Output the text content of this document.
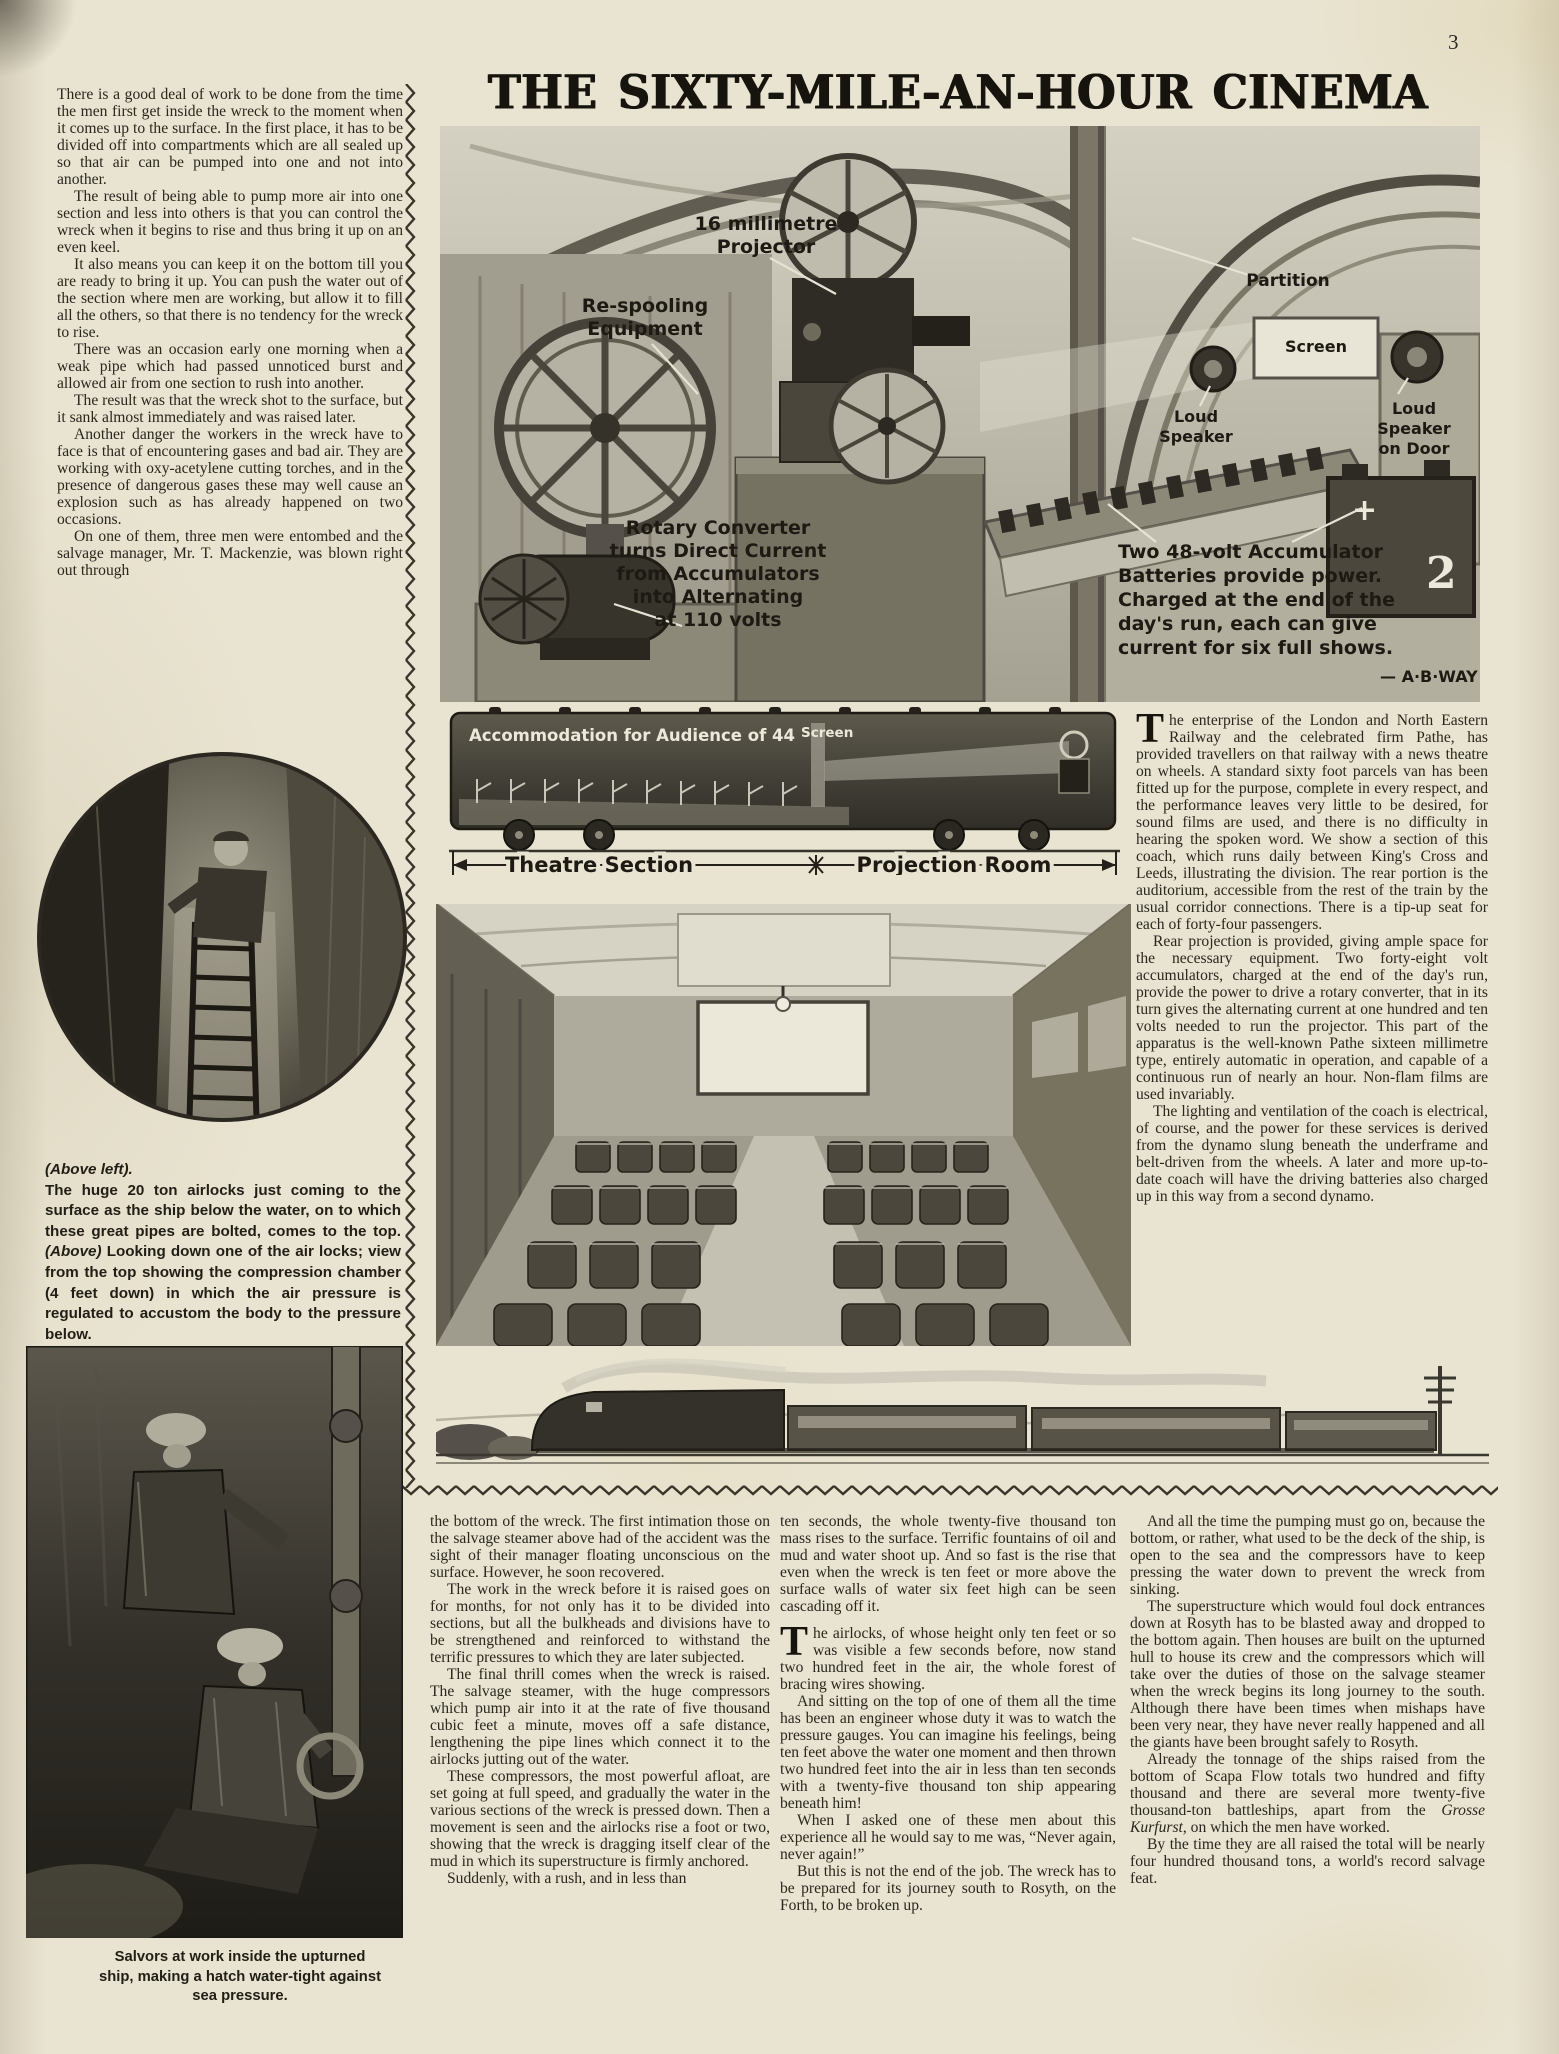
3

There is a good deal of work to be done from the time the men first get inside the wreck to the moment when it comes up to the surface. In the first place, it has to be divided off into compartments which are all sealed up so that air can be pumped into one and not into another.

The result of being able to pump more air into one section and less into others is that you can control the wreck when it begins to rise and thus bring it up on an even keel.

It also means you can keep it on the bottom till you are ready to bring it up. You can push the water out of the section where men are working, but allow it to fill all the others, so that there is no tendency for the wreck to rise.

There was an occasion early one morning when a weak pipe which had passed unnoticed burst and allowed air from one section to rush into another.

The result was that the wreck shot to the surface, but it sank almost immediately and was raised later.

Another danger the workers in the wreck have to face is that of encountering gases and bad air. They are working with oxy-acetylene cutting torches, and in the presence of dangerous gases these may well cause an explosion such as has already happened on two occasions.

On one of them, three men were entombed and the salvage manager, Mr. T. Mackenzie, was blown right out through

THE SIXTY-MILE-AN-HOUR CINEMA
+
2
16 millimetre
Projector
Re-spooling
Equipment
Rotary Converter
turns Direct Current
from Accumulators
into Alternating
at 110 volts
Partition
Screen
Loud
Speaker
Loud
Speaker
on Door
Two 48-volt Accumulator
Batteries provide power.
Charged at the end of the
day's run, each can give
current for six full shows.
— A·B·WAY
Accommodation for Audience of 44 Screen
Theatre Section	Projection Room

The enterprise of the London and North Eastern Railway and the celebrated firm Pathe, has provided travellers on that railway with a news theatre on wheels. A standard sixty foot parcels van has been fitted up for the purpose, complete in every respect, and the performance leaves very little to be desired, for sound films are used, and there is no difficulty in hearing the spoken word. We show a section of this coach, which runs daily between King's Cross and Leeds, illustrating the division. The rear portion is the auditorium, accessible from the rest of the train by the usual corridor connections. There is a tip-up seat for each of forty-four passengers.

Rear projection is provided, giving ample space for the necessary equipment. Two forty-eight volt accumulators, charged at the end of the day's run, provide the power to drive a rotary converter, that in its turn gives the alternating current at one hundred and ten volts needed to run the projector. This part of the apparatus is the well-known Pathe sixteen millimetre type, entirely automatic in operation, and capable of a continuous run of nearly an hour. Non-flam films are used invariably.

The lighting and ventilation of the coach is electrical, of course, and the power for these services is derived from the dynamo slung beneath the underframe and belt-driven from the wheels. A later and more up-to-date coach will have the driving batteries also charged up in this way from a second dynamo.

(Above left).
The huge 20 ton airlocks just coming to the surface as the ship below the water, on to which these great pipes are bolted, comes to the top. (Above) Looking down one of the air locks; view from the top showing the compression chamber (4 feet down) in which the air pressure is regulated to accustom the body to the pressure below.
Salvors at work inside the upturned ship, making a hatch water-tight against sea pressure.

the bottom of the wreck. The first intimation those on the salvage steamer above had of the accident was the sight of their manager floating unconscious on the surface. However, he soon recovered.

The work in the wreck before it is raised goes on for months, for not only has it to be divided into sections, but all the bulkheads and divisions have to be strengthened and reinforced to withstand the terrific pressures to which they are later subjected.

The final thrill comes when the wreck is raised. The salvage steamer, with the huge compressors which pump air into it at the rate of five thousand cubic feet a minute, moves off a safe distance, lengthening the pipe lines which connect it to the airlocks jutting out of the water.

These compressors, the most powerful afloat, are set going at full speed, and gradually the water in the various sections of the wreck is pressed down. Then a movement is seen and the airlocks rise a foot or two, showing that the wreck is dragging itself clear of the mud in which its superstructure is firmly anchored.

Suddenly, with a rush, and in less than

ten seconds, the whole twenty-five thousand ton mass rises to the surface. Terrific fountains of oil and mud and water shoot up. And so fast is the rise that even when the wreck is ten feet or more above the surface walls of water six feet high can be seen cascading off it.

The airlocks, of whose height only ten feet or so was visible a few seconds before, now stand two hundred feet in the air, the whole forest of bracing wires showing.

And sitting on the top of one of them all the time has been an engineer whose duty it was to watch the pressure gauges. You can imagine his feelings, being ten feet above the water one moment and then thrown two hundred feet into the air in less than ten seconds with a twenty-five thousand ton ship appearing beneath him!

When I asked one of these men about this experience all he would say to me was, “Never again, never again!”

But this is not the end of the job. The wreck has to be prepared for its journey south to Rosyth, on the Forth, to be broken up.

And all the time the pumping must go on, because the bottom, or rather, what used to be the deck of the ship, is open to the sea and the compressors have to keep pressing the water down to prevent the wreck from sinking.

The superstructure which would foul dock entrances down at Rosyth has to be blasted away and dropped to the bottom again. Then houses are built on the upturned hull to house its crew and the compressors which will take over the duties of those on the salvage steamer when the wreck begins its long journey to the south. Although there have been times when mishaps have been very near, they have never really happened and all the giants have been brought safely to Rosyth.

Already the tonnage of the ships raised from the bottom of Scapa Flow totals two hundred and fifty thousand and there are several more twenty-five thousand-ton battleships, apart from the Grosse Kurfurst, on which the men have worked.

By the time they are all raised the total will be nearly four hundred thousand tons, a world's record salvage feat.
